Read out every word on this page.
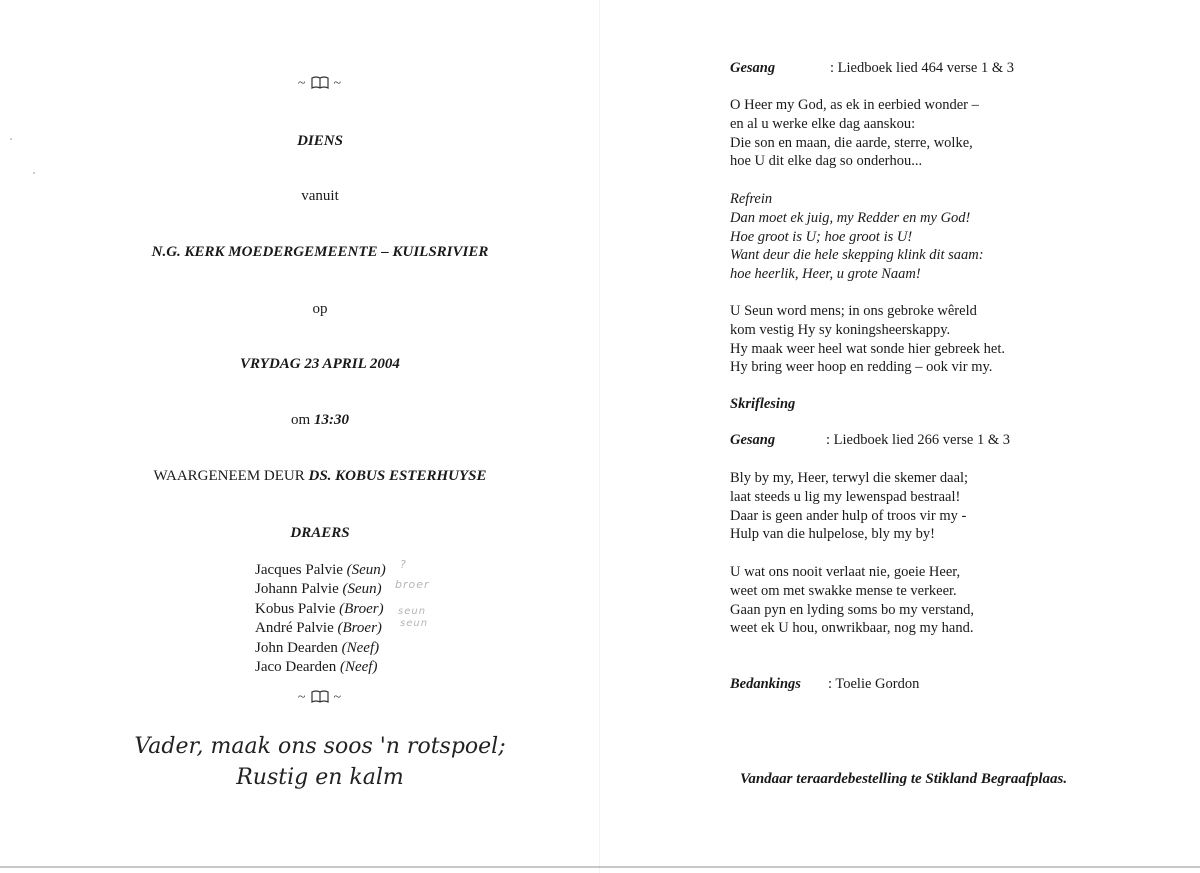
~  ~
DIENS
vanuit
N.G. KERK MOEDERGEMEENTE – KUILSRIVIER
op
VRYDAG 23 APRIL 2004
om 13:30
WAARGENEEM DEUR DS. KOBUS ESTERHUYSE
DRAERS
Jacques Palvie (Seun) ?
Johann Palvie (Seun) broer
Kobus Palvie (Broer) seun
André Palvie (Broer) seun
John Dearden (Neef)
Jaco Dearden (Neef)
~  ~
Vader, maak ons soos 'n rotspoel;
Rustig en kalm
Gesang	: Liedboek lied 464 verse 1 & 3
O Heer my God, as ek in eerbied wonder –
en al u werke elke dag aanskou:
Die son en maan, die aarde, sterre, wolke,
hoe U dit elke dag so onderhou...
Refrein
Dan moet ek juig, my Redder en my God!
Hoe groot is U; hoe groot is U!
Want deur die hele skepping klink dit saam:
hoe heerlik, Heer, u grote Naam!
U Seun word mens; in ons gebroke wêreld
kom vestig Hy sy koningsheerskappy.
Hy maak weer heel wat sonde hier gebreek het.
Hy bring weer hoop en redding – ook vir my.
Skriflesing
Gesang	: Liedboek lied 266 verse 1 & 3
Bly by my, Heer, terwyl die skemer daal;
laat steeds u lig my lewenspad bestraal!
Daar is geen ander hulp of troos vir my -
Hulp van die hulpelose, bly my by!
U wat ons nooit verlaat nie, goeie Heer,
weet om met swakke mense te verkeer.
Gaan pyn en lyding soms bo my verstand,
weet ek U hou, onwrikbaar, nog my hand.
Bedankings : Toelie Gordon
Vandaar teraardebestelling te Stikland Begraafplaas.
